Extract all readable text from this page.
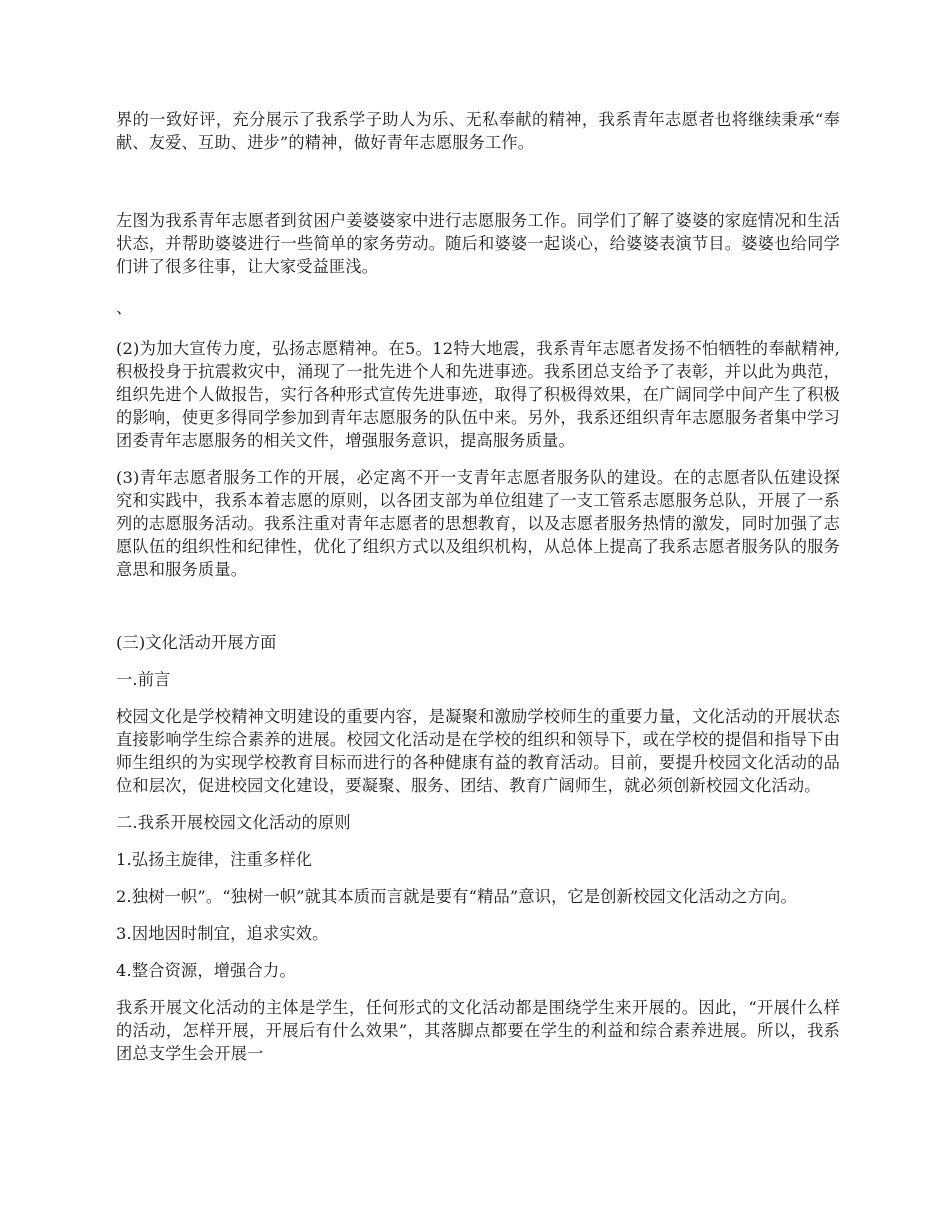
界的一致好评，充分展示了我系学子助人为乐、无私奉献的精神，我系青年志愿者也将继续秉承“奉献、友爱、互助、进步”的精神，做好青年志愿服务工作。

左图为我系青年志愿者到贫困户姜婆婆家中进行志愿服务工作。同学们了解了婆婆的家庭情况和生活状态，并帮助婆婆进行一些简单的家务劳动。随后和婆婆一起谈心，给婆婆表演节目。婆婆也给同学们讲了很多往事，让大家受益匪浅。

、

(2)为加大宣传力度，弘扬志愿精神。在5。12特大地震，我系青年志愿者发扬不怕牺牲的奉献精神,积极投身于抗震救灾中，涌现了一批先进个人和先进事迹。我系团总支给予了表彰，并以此为典范，组织先进个人做报告，实行各种形式宣传先进事迹，取得了积极得效果，在广阔同学中间产生了积极的影响，使更多得同学参加到青年志愿服务的队伍中来。另外，我系还组织青年志愿服务者集中学习团委青年志愿服务的相关文件，增强服务意识，提高服务质量。

(3)青年志愿者服务工作的开展，必定离不开一支青年志愿者服务队的建设。在的志愿者队伍建设探究和实践中，我系本着志愿的原则，以各团支部为单位组建了一支工管系志愿服务总队，开展了一系列的志愿服务活动。我系注重对青年志愿者的思想教育，以及志愿者服务热情的激发，同时加强了志愿队伍的组织性和纪律性，优化了组织方式以及组织机构，从总体上提高了我系志愿者服务队的服务意思和服务质量。

(三)文化活动开展方面

一.前言

校园文化是学校精神文明建设的重要内容，是凝聚和激励学校师生的重要力量，文化活动的开展状态直接影响学生综合素养的进展。校园文化活动是在学校的组织和领导下，或在学校的提倡和指导下由师生组织的为实现学校教育目标而进行的各种健康有益的教育活动。目前，要提升校园文化活动的品位和层次，促进校园文化建设，要凝聚、服务、团结、教育广阔师生，就必须创新校园文化活动。

二.我系开展校园文化活动的原则

1.弘扬主旋律，注重多样化

2.独树一帜”。“独树一帜”就其本质而言就是要有“精品”意识，它是创新校园文化活动之方向。

3.因地因时制宜，追求实效。

4.整合资源，增强合力。

我系开展文化活动的主体是学生，任何形式的文化活动都是围绕学生来开展的。因此，“开展什么样的活动，怎样开展，开展后有什么效果”，其落脚点都要在学生的利益和综合素养进展。所以，我系团总支学生会开展一
